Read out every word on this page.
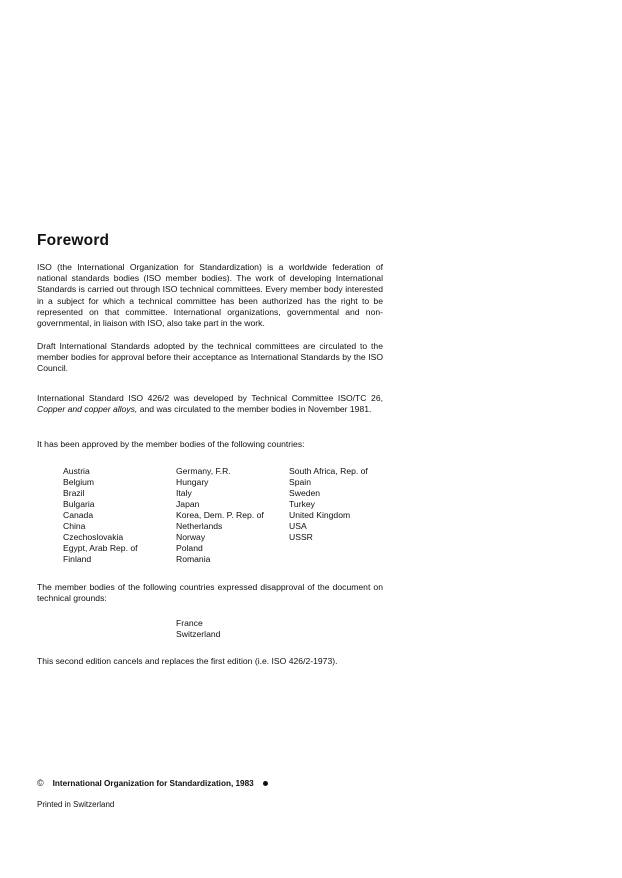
Foreword

ISO (the International Organization for Standardization) is a worldwide federation of national standards bodies (ISO member bodies). The work of developing International Standards is carried out through ISO technical committees. Every member body interested in a subject for which a technical committee has been authorized has the right to be represented on that committee. International organizations, governmental and non-governmental, in liaison with ISO, also take part in the work.

Draft International Standards adopted by the technical committees are circulated to the member bodies for approval before their acceptance as International Standards by the ISO Council.

International Standard ISO 426/2 was developed by Technical Committee ISO/TC 26, Copper and copper alloys, and was circulated to the member bodies in November 1981.

It has been approved by the member bodies of the following countries:

Austria
Belgium
Brazil
Bulgaria
Canada
China
Czechoslovakia
Egypt, Arab Rep. of
Finland
Germany, F.R.
Hungary
Italy
Japan
Korea, Dem. P. Rep. of
Netherlands
Norway
Poland
Romania
South Africa, Rep. of
Spain
Sweden
Turkey
United Kingdom
USA
USSR

The member bodies of the following countries expressed disapproval of the document on technical grounds:

France
Switzerland

This second edition cancels and replaces the first edition (i.e. ISO 426/2-1973).

© International Organization for Standardization, 1983
Printed in Switzerland
